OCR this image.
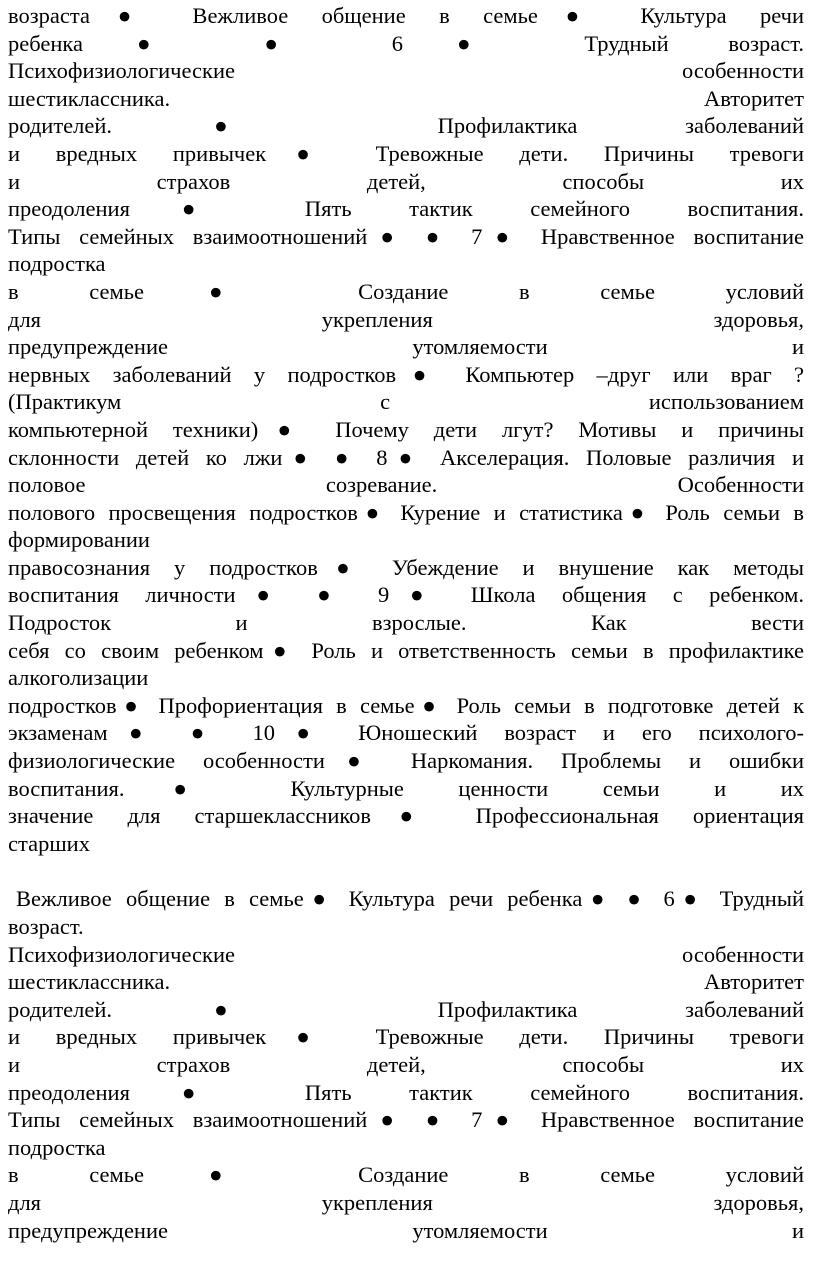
возраста● Вежливое общение в семье● Культура речи
ребенка● ● 6● Трудный возраст.
Психофизиологические особенности
шестиклассника. Авторитет
родителей.● Профилактика заболеваний
и вредных привычек● Тревожные дети. Причины тревоги
и страхов детей, способы их
преодоления● Пять тактик семейного воспитания.
Типы семейных взаимоотношений● ● 7● Нравственное воспитание
подростка
в семье● Создание в семье условий
для укрепления здоровья,
предупреждение утомляемости и
нервных заболеваний у подростков● Компьютер –друг или враг ?
(Практикум с использованием
компьютерной техники)● Почему дети лгут? Мотивы и причины
склонности детей ко лжи● ● 8● Акселерация. Половые различия и
половое созревание. Особенности
полового просвещения подростков● Курение и статистика● Роль семьи в
формировании
правосознания у подростков● Убеждение и внушение как методы
воспитания личности● ● 9● Школа общения с ребенком.
Подросток и взрослые. Как вести
себя со своим ребенком● Роль и ответственность семьи в профилактике
алкоголизации
подростков● Профориентация в семье● Роль семьи в подготовке детей к
экзаменам● ● 10● Юношеский возраст и его психолого-
физиологические особенности● Наркомания. Проблемы и ошибки
воспитания.● Культурные ценности семьи и их
значение для старшеклассников● Профессиональная ориентация
старших
Вежливое общение в семье● Культура речи ребенка● ● 6● Трудный
возраст.
Психофизиологические особенности
шестиклассника. Авторитет
родителей.● Профилактика заболеваний
и вредных привычек● Тревожные дети. Причины тревоги
и страхов детей, способы их
преодоления● Пять тактик семейного воспитания.
Типы семейных взаимоотношений● ● 7● Нравственное воспитание
подростка
в семье● Создание в семье условий
для укрепления здоровья,
предупреждение утомляемости и
